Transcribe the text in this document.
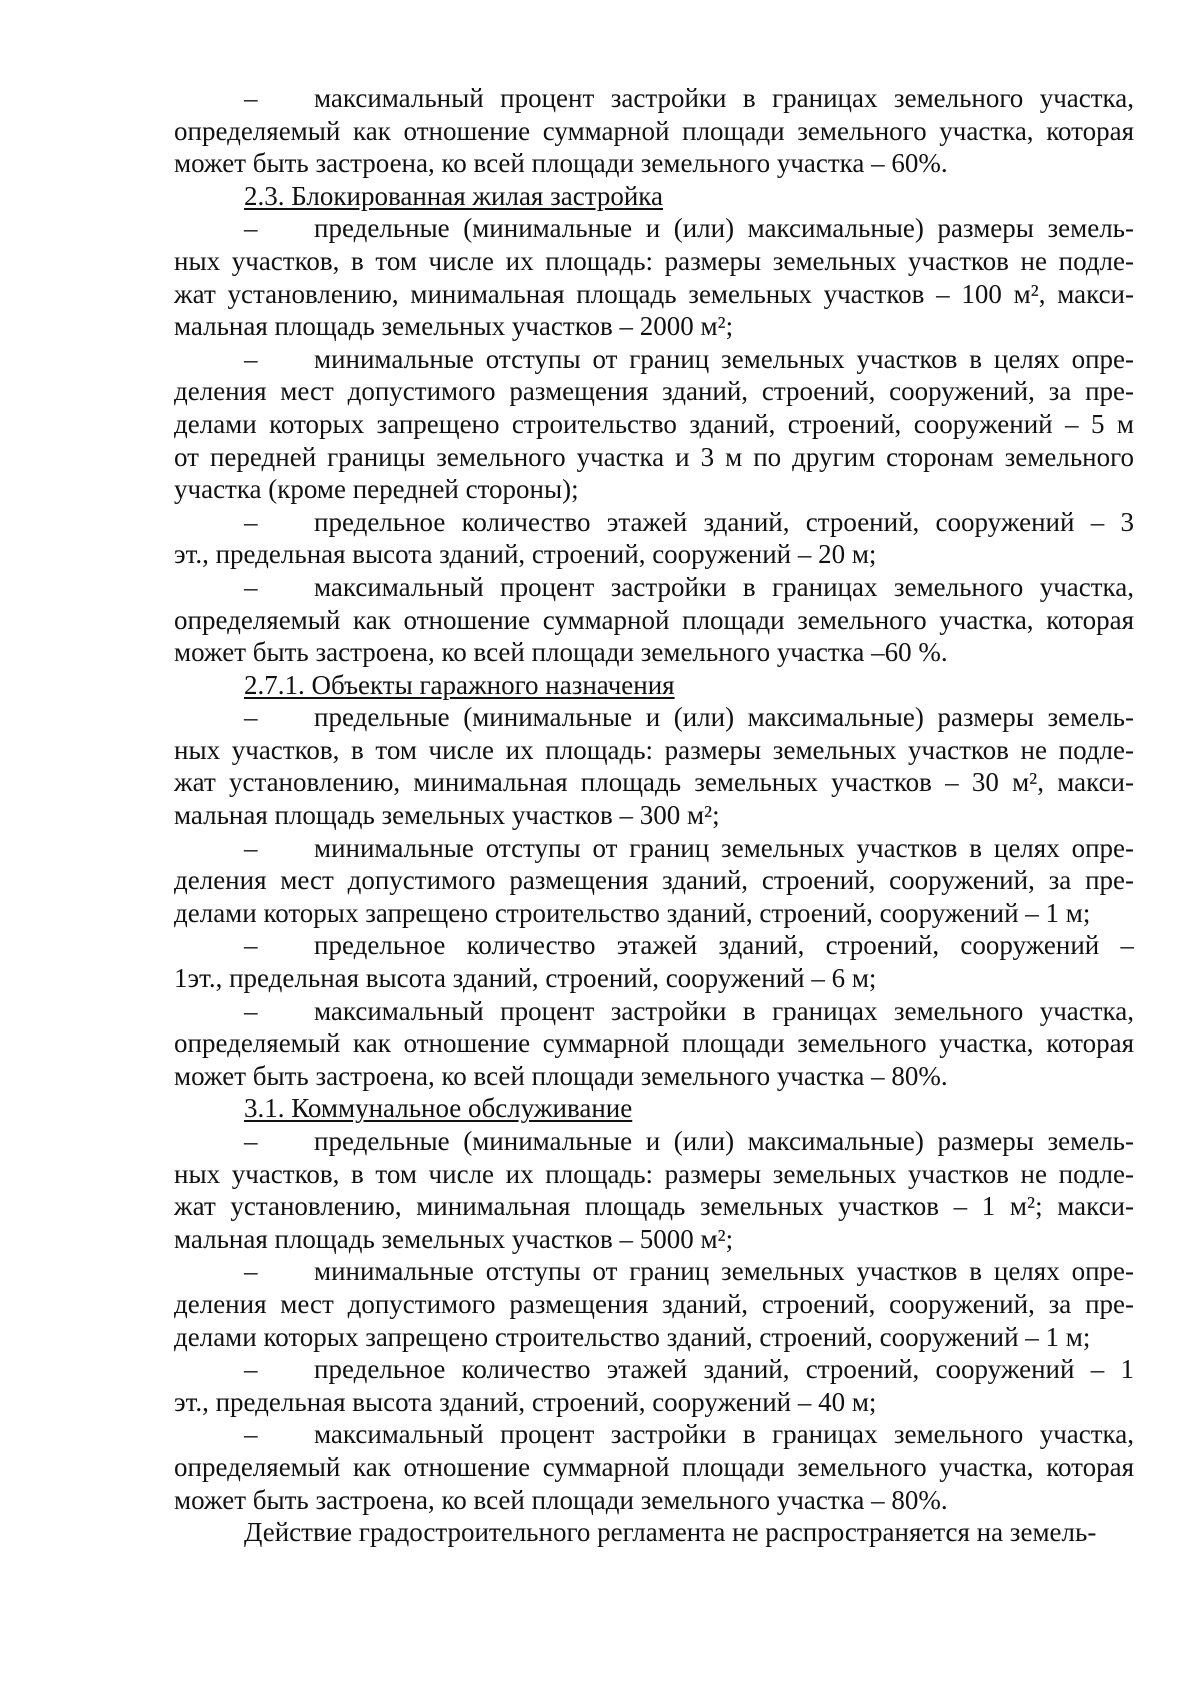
– максимальный процент застройки в границах земельного участка,
определяемый как отношение суммарной площади земельного участка, которая
может быть застроена, ко всей площади земельного участка – 60%.
2.3. Блокированная жилая застройка
– предельные (минимальные и (или) максимальные) размеры земель-
ных участков, в том числе их площадь: размеры земельных участков не подле-
жат установлению, минимальная площадь земельных участков – 100 м², макси-
мальная площадь земельных участков – 2000 м²;
– минимальные отступы от границ земельных участков в целях опре-
деления мест допустимого размещения зданий, строений, сооружений, за пре-
делами которых запрещено строительство зданий, строений, сооружений – 5 м
от передней границы земельного участка и 3 м по другим сторонам земельного
участка (кроме передней стороны);
– предельное количество этажей зданий, строений, сооружений – 3
эт., предельная высота зданий, строений, сооружений – 20 м;
– максимальный процент застройки в границах земельного участка,
определяемый как отношение суммарной площади земельного участка, которая
может быть застроена, ко всей площади земельного участка –60 %.
2.7.1. Объекты гаражного назначения
– предельные (минимальные и (или) максимальные) размеры земель-
ных участков, в том числе их площадь: размеры земельных участков не подле-
жат установлению, минимальная площадь земельных участков – 30 м², макси-
мальная площадь земельных участков – 300 м²;
– минимальные отступы от границ земельных участков в целях опре-
деления мест допустимого размещения зданий, строений, сооружений, за пре-
делами которых запрещено строительство зданий, строений, сооружений – 1 м;
– предельное количество этажей зданий, строений, сооружений –
1эт., предельная высота зданий, строений, сооружений – 6 м;
– максимальный процент застройки в границах земельного участка,
определяемый как отношение суммарной площади земельного участка, которая
может быть застроена, ко всей площади земельного участка – 80%.
3.1. Коммунальное обслуживание
– предельные (минимальные и (или) максимальные) размеры земель-
ных участков, в том числе их площадь: размеры земельных участков не подле-
жат установлению, минимальная площадь земельных участков – 1 м²; макси-
мальная площадь земельных участков – 5000 м²;
– минимальные отступы от границ земельных участков в целях опре-
деления мест допустимого размещения зданий, строений, сооружений, за пре-
делами которых запрещено строительство зданий, строений, сооружений – 1 м;
– предельное количество этажей зданий, строений, сооружений – 1
эт., предельная высота зданий, строений, сооружений – 40 м;
– максимальный процент застройки в границах земельного участка,
определяемый как отношение суммарной площади земельного участка, которая
может быть застроена, ко всей площади земельного участка – 80%.
Действие градостроительного регламента не распространяется на земель-
